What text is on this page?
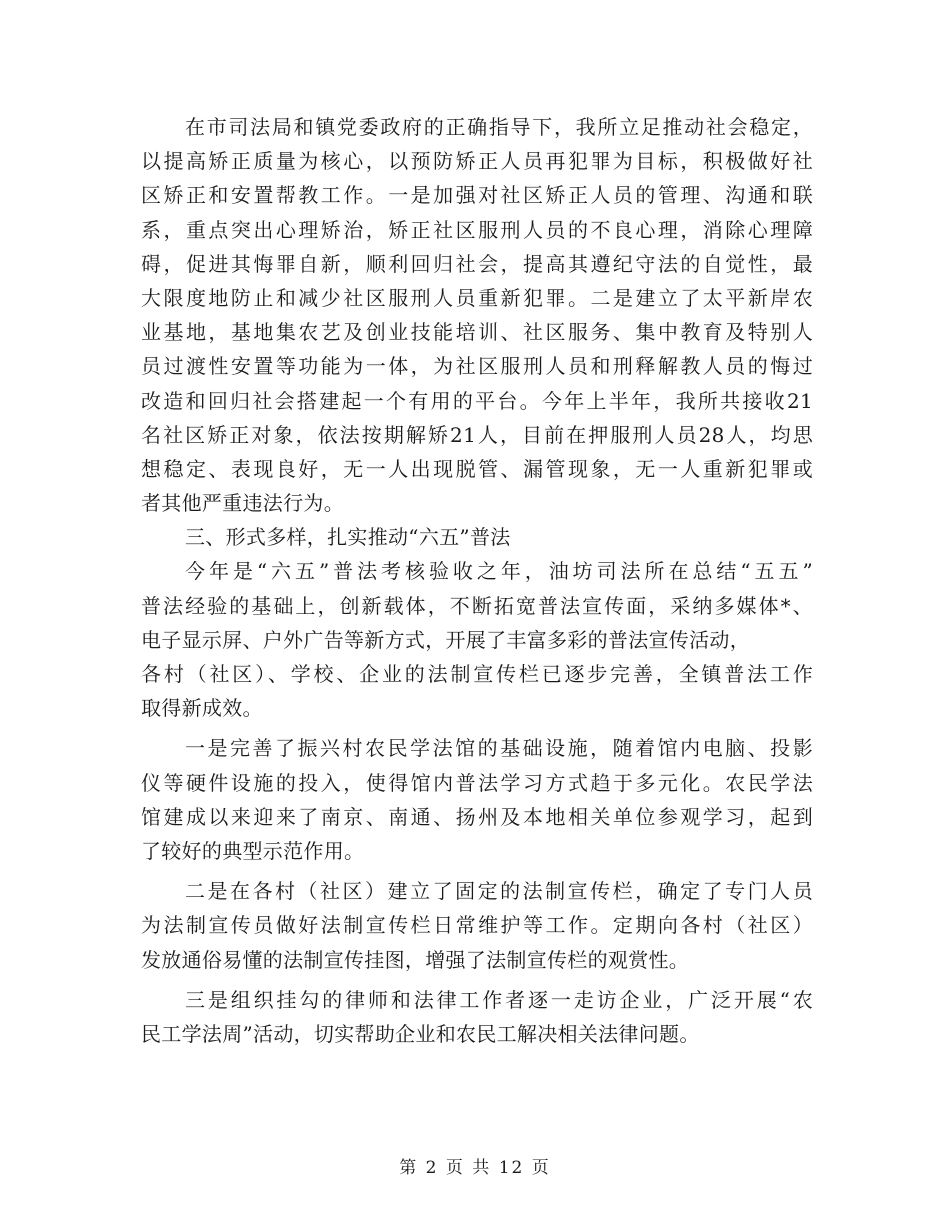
在市司法局和镇党委政府的正确指导下，我所立足推动社会稳定，
以提高矫正质量为核心，以预防矫正人员再犯罪为目标，积极做好社
区矫正和安置帮教工作。一是加强对社区矫正人员的管理、沟通和联
系，重点突出心理矫治，矫正社区服刑人员的不良心理，消除心理障
碍，促进其悔罪自新，顺利回归社会，提高其遵纪守法的自觉性，最
大限度地防止和减少社区服刑人员重新犯罪。二是建立了太平新岸农
业基地，基地集农艺及创业技能培训、社区服务、集中教育及特别人
员过渡性安置等功能为一体，为社区服刑人员和刑释解教人员的悔过
改造和回归社会搭建起一个有用的平台。今年上半年，我所共接收21
名社区矫正对象，依法按期解矫21人，目前在押服刑人员28人，均思
想稳定、表现良好，无一人出现脱管、漏管现象，无一人重新犯罪或
者其他严重违法行为。
三、形式多样，扎实推动“六五”普法
今年是“六五”普法考核验收之年，油坊司法所在总结“五五”
普法经验的基础上，创新载体，不断拓宽普法宣传面，采纳多媒体*、
电子显示屏、户外广告等新方式，开展了丰富多彩的普法宣传活动，
各村（社区）、学校、企业的法制宣传栏已逐步完善，全镇普法工作
取得新成效。
一是完善了振兴村农民学法馆的基础设施，随着馆内电脑、投影
仪等硬件设施的投入，使得馆内普法学习方式趋于多元化。农民学法
馆建成以来迎来了南京、南通、扬州及本地相关单位参观学习，起到
了较好的典型示范作用。
二是在各村（社区）建立了固定的法制宣传栏，确定了专门人员
为法制宣传员做好法制宣传栏日常维护等工作。定期向各村（社区）
发放通俗易懂的法制宣传挂图，增强了法制宣传栏的观赏性。
三是组织挂勾的律师和法律工作者逐一走访企业，广泛开展“农
民工学法周”活动，切实帮助企业和农民工解决相关法律问题。
第 2 页 共 12 页
